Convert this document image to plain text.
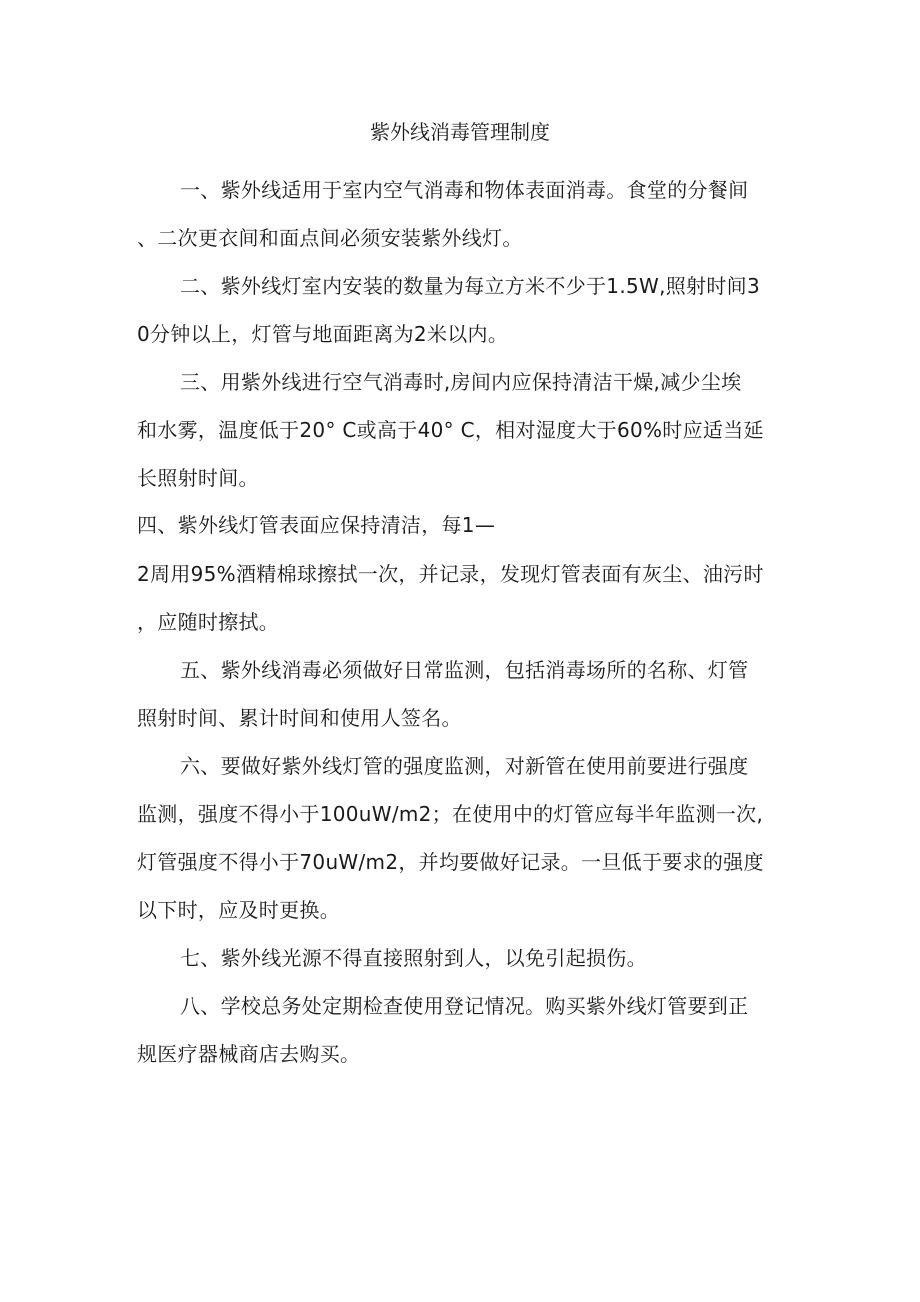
紫外线消毒管理制度
一、紫外线适用于室内空气消毒和物体表面消毒。食堂的分餐间
、二次更衣间和面点间必须安装紫外线灯。
二、紫外线灯室内安装的数量为每立方米不少于1.5W,照射时间3
0分钟以上，灯管与地面距离为2米以内。
三、用紫外线进行空气消毒时,房间内应保持清洁干燥,减少尘埃
和水雾，温度低于20° C或高于40° C，相对湿度大于60%时应适当延
长照射时间。
四、紫外线灯管表面应保持清洁，每1—
2周用95%酒精棉球擦拭一次，并记录，发现灯管表面有灰尘、油污时
，应随时擦拭。
五、紫外线消毒必须做好日常监测，包括消毒场所的名称、灯管
照射时间、累计时间和使用人签名。
六、要做好紫外线灯管的强度监测，对新管在使用前要进行强度
监测，强度不得小于100uW/m2；在使用中的灯管应每半年监测一次,
灯管强度不得小于70uW/m2，并均要做好记录。一旦低于要求的强度
以下时，应及时更换。
七、紫外线光源不得直接照射到人，以免引起损伤。
八、学校总务处定期检查使用登记情况。购买紫外线灯管要到正
规医疗器械商店去购买。
